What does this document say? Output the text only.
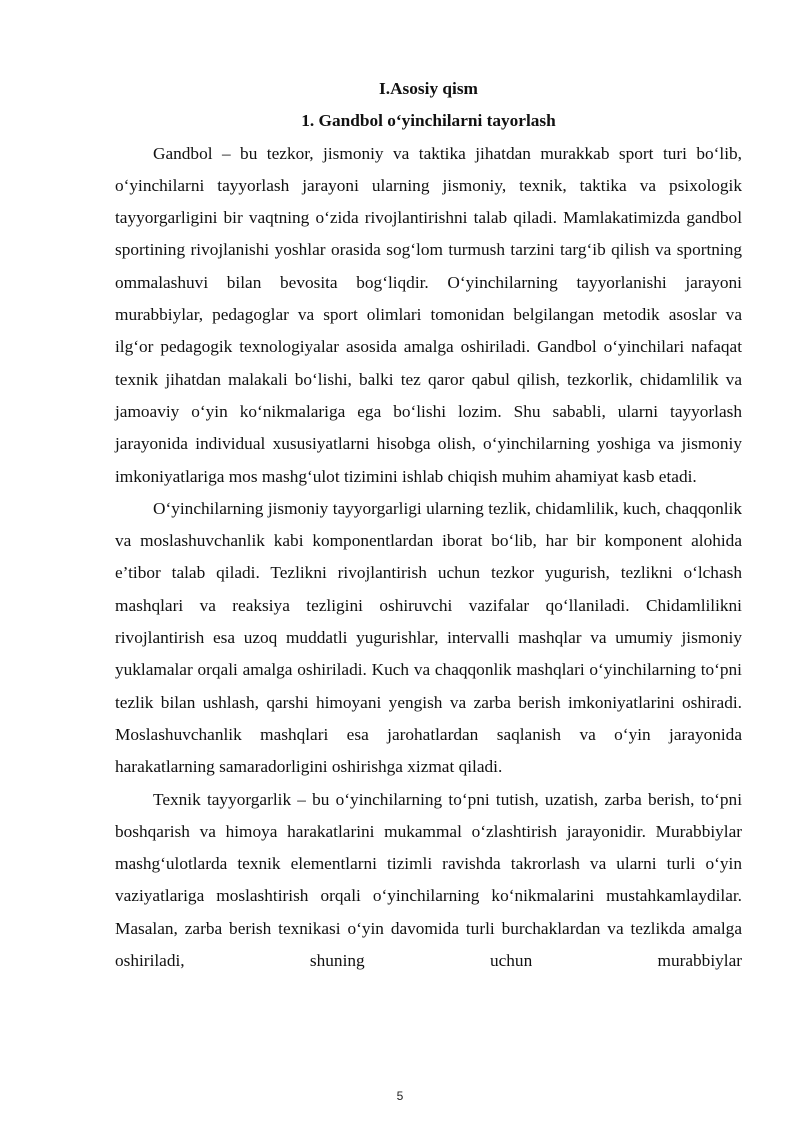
I.Asosiy qism
1. Gandbol o‘yinchilarni tayorlash

Gandbol – bu tezkor, jismoniy va taktika jihatdan murakkab sport turi bo‘lib, o‘yinchilarni tayyorlash jarayoni ularning jismoniy, texnik, taktika va psixologik tayyorgarligini bir vaqtning o‘zida rivojlantirishni talab qiladi. Mamlakatimizda gandbol sportining rivojlanishi yoshlar orasida sog‘lom turmush tarzini targ‘ib qilish va sportning ommalashuvi bilan bevosita bog‘liqdir. O‘yinchilarning tayyorlanishi jarayoni murabbiylar, pedagoglar va sport olimlari tomonidan belgilangan metodik asoslar va ilg‘or pedagogik texnologiyalar asosida amalga oshiriladi. Gandbol o‘yinchilari nafaqat texnik jihatdan malakali bo‘lishi, balki tez qaror qabul qilish, tezkorlik, chidamlilik va jamoaviy o‘yin ko‘nikmalariga ega bo‘lishi lozim. Shu sababli, ularni tayyorlash jarayonida individual xususiyatlarni hisobga olish, o‘yinchilarning yoshiga va jismoniy imkoniyatlariga mos mashg‘ulot tizimini ishlab chiqish muhim ahamiyat kasb etadi.

O‘yinchilarning jismoniy tayyorgarligi ularning tezlik, chidamlilik, kuch, chaqqonlik va moslashuvchanlik kabi komponentlardan iborat bo‘lib, har bir komponent alohida e’tibor talab qiladi. Tezlikni rivojlantirish uchun tezkor yugurish, tezlikni o‘lchash mashqlari va reaksiya tezligini oshiruvchi vazifalar qo‘llaniladi. Chidamlilikni rivojlantirish esa uzoq muddatli yugurishlar, intervalli mashqlar va umumiy jismoniy yuklamalar orqali amalga oshiriladi. Kuch va chaqqonlik mashqlari o‘yinchilarning to‘pni tezlik bilan ushlash, qarshi himoyani yengish va zarba berish imkoniyatlarini oshiradi. Moslashuvchanlik mashqlari esa jarohatlardan saqlanish va o‘yin jarayonida harakatlarning samaradorligini oshirishga xizmat qiladi.

Texnik tayyorgarlik – bu o‘yinchilarning to‘pni tutish, uzatish, zarba berish, to‘pni boshqarish va himoya harakatlarini mukammal o‘zlashtirish jarayonidir. Murabbiylar mashg‘ulotlarda texnik elementlarni tizimli ravishda takrorlash va ularni turli o‘yin vaziyatlariga moslashtirish orqali o‘yinchilarning ko‘nikmalarini mustahkamlaydilar. Masalan, zarba berish texnikasi o‘yin davomida turli burchaklardan va tezlikda amalga oshiriladi, shuning uchun murabbiylar

5
